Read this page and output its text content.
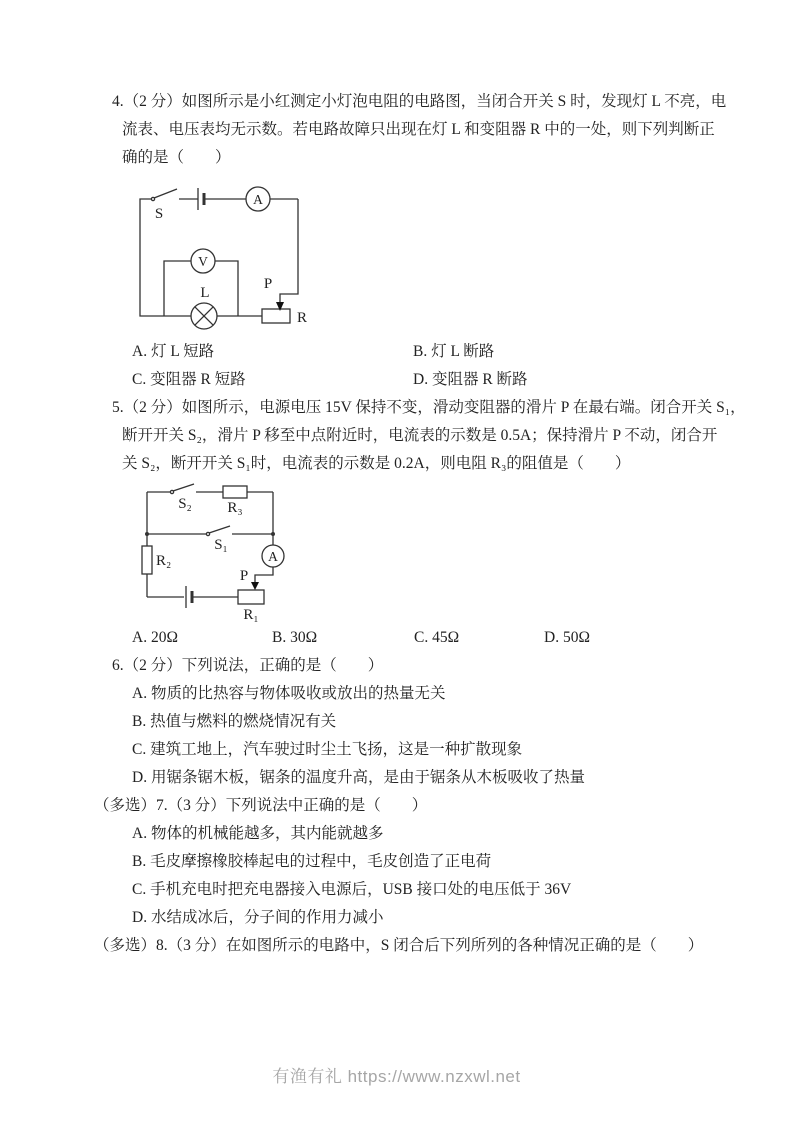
4.（2 分）如图所示是小红测定小灯泡电阻的电路图，当闭合开关 S 时，发现灯 L 不亮，电
流表、电压表均无示数。若电路故障只出现在灯 L 和变阻器 R 中的一处，则下列判断正
确的是（　　）
S
A
V
L
P
R
A. 灯 L 短路	B. 灯 L 断路
C. 变阻器 R 短路	D. 变阻器 R 断路
5.（2 分）如图所示，电源电压 15V 保持不变，滑动变阻器的滑片 P 在最右端。闭合开关 S₁，
断开开关 S₂，滑片 P 移至中点附近时，电流表的示数是 0.5A；保持滑片 P 不动，闭合开
关 S₂，断开开关 S₁时，电流表的示数是 0.2A，则电阻 R₃的阻值是（　　）
S₂ R₃
S₁
R₂	A
P
R₁
A. 20Ω	B. 30Ω	C. 45Ω	D. 50Ω
6.（2 分）下列说法，正确的是（　　）
A. 物质的比热容与物体吸收或放出的热量无关
B. 热值与燃料的燃烧情况有关
C. 建筑工地上，汽车驶过时尘土飞扬，这是一种扩散现象
D. 用锯条锯木板，锯条的温度升高，是由于锯条从木板吸收了热量
（多选）7.（3 分）下列说法中正确的是（　　）
A. 物体的机械能越多，其内能就越多
B. 毛皮摩擦橡胶棒起电的过程中，毛皮创造了正电荷
C. 手机充电时把充电器接入电源后，USB 接口处的电压低于 36V
D. 水结成冰后，分子间的作用力减小
（多选）8.（3 分）在如图所示的电路中，S 闭合后下列所列的各种情况正确的是（　　）
有渔有礼 https://www.nzxwl.net
